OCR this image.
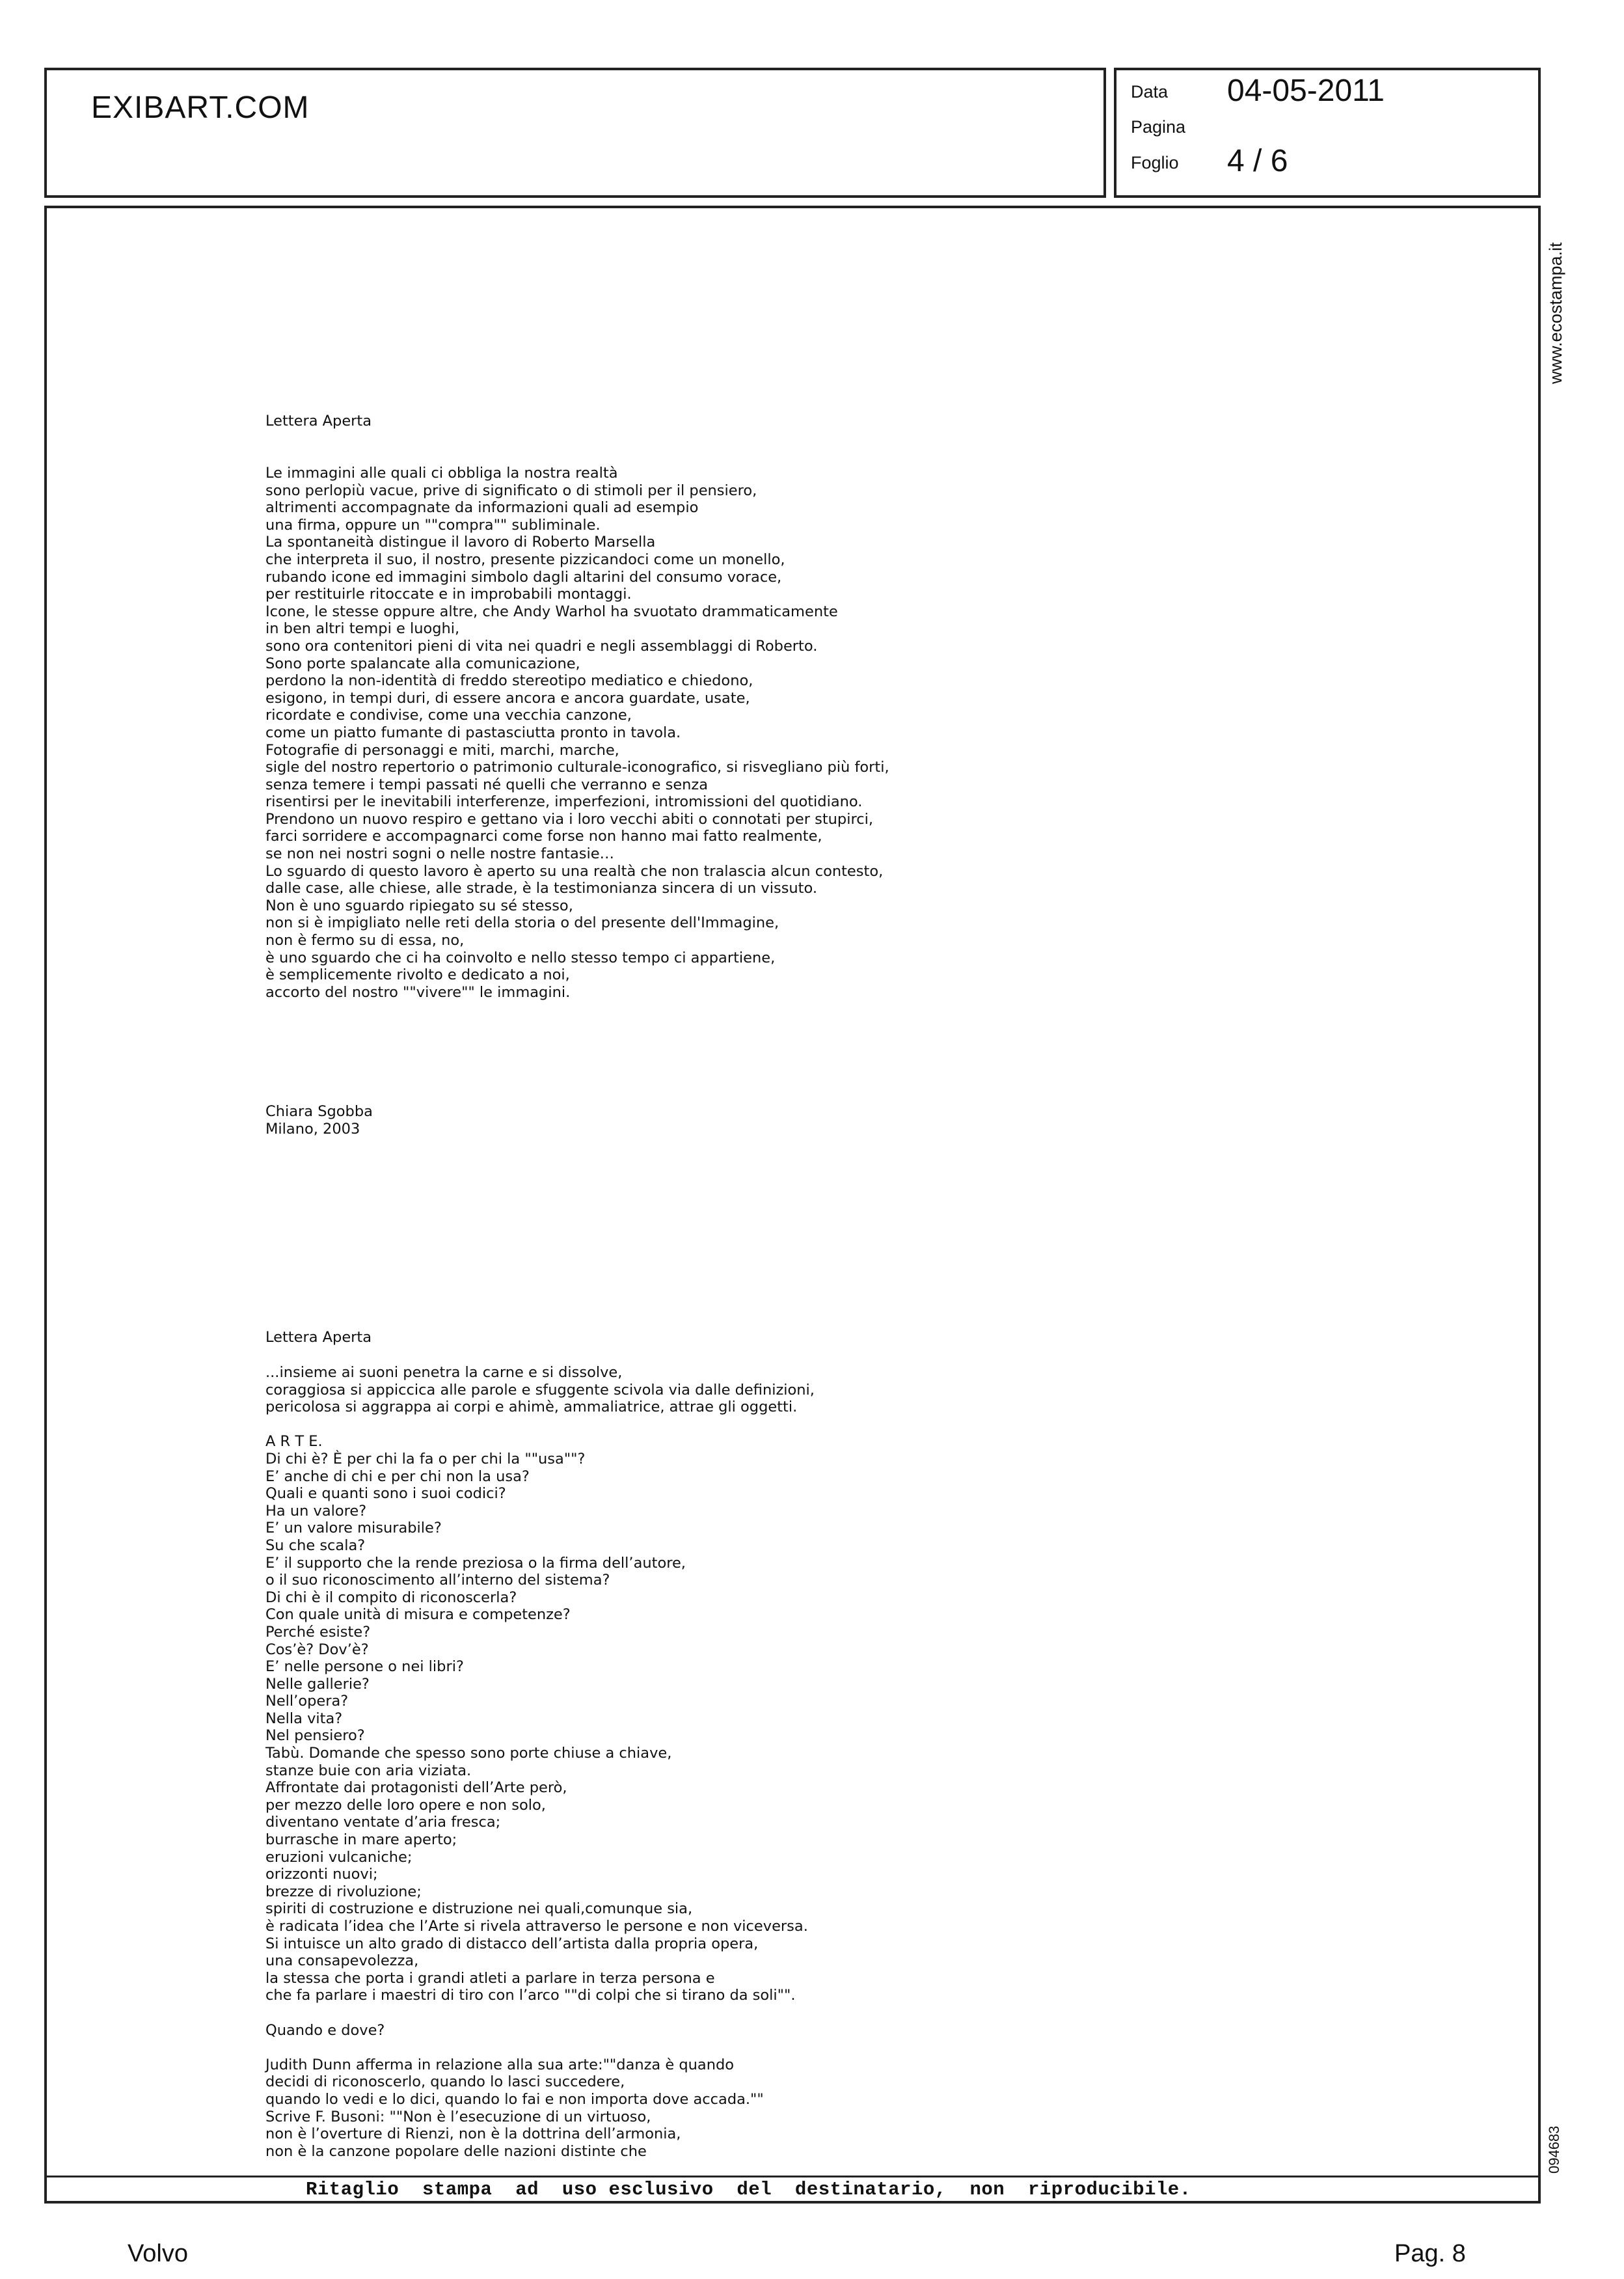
EXIBART.COM	Data 04-05-2011
Pagina
Foglio 4 / 6
www.ecostampa.it
094683
Lettera Aperta
Le immagini alle quali ci obbliga la nostra realtà
sono perlopiù vacue, prive di significato o di stimoli per il pensiero,
altrimenti accompagnate da informazioni quali ad esempio
una firma, oppure un ""compra"" subliminale.
La spontaneità distingue il lavoro di Roberto Marsella
che interpreta il suo, il nostro, presente pizzicandoci come un monello,
rubando icone ed immagini simbolo dagli altarini del consumo vorace,
per restituirle ritoccate e in improbabili montaggi.
Icone, le stesse oppure altre, che Andy Warhol ha svuotato drammaticamente
in ben altri tempi e luoghi,
sono ora contenitori pieni di vita nei quadri e negli assemblaggi di Roberto.
Sono porte spalancate alla comunicazione,
perdono la non-identità di freddo stereotipo mediatico e chiedono,
esigono, in tempi duri, di essere ancora e ancora guardate, usate,
ricordate e condivise, come una vecchia canzone,
come un piatto fumante di pastasciutta pronto in tavola.
Fotografie di personaggi e miti, marchi, marche,
sigle del nostro repertorio o patrimonio culturale-iconografico, si risvegliano più forti,
senza temere i tempi passati né quelli che verranno e senza
risentirsi per le inevitabili interferenze, imperfezioni, intromissioni del quotidiano.
Prendono un nuovo respiro e gettano via i loro vecchi abiti o connotati per stupirci,
farci sorridere e accompagnarci come forse non hanno mai fatto realmente,
se non nei nostri sogni o nelle nostre fantasie…
Lo sguardo di questo lavoro è aperto su una realtà che non tralascia alcun contesto,
dalle case, alle chiese, alle strade, è la testimonianza sincera di un vissuto.
Non è uno sguardo ripiegato su sé stesso,
non si è impigliato nelle reti della storia o del presente dell'Immagine,
non è fermo su di essa, no,
è uno sguardo che ci ha coinvolto e nello stesso tempo ci appartiene,
è semplicemente rivolto e dedicato a noi,
accorto del nostro ""vivere"" le immagini.
Chiara Sgobba
Milano, 2003
Lettera Aperta
...insieme ai suoni penetra la carne e si dissolve,
coraggiosa si appiccica alle parole e sfuggente scivola via dalle definizioni,
pericolosa si aggrappa ai corpi e ahimè, ammaliatrice, attrae gli oggetti.
A R T E.
Di chi è? È per chi la fa o per chi la ""usa""?
E’ anche di chi e per chi non la usa?
Quali e quanti sono i suoi codici?
Ha un valore?
E’ un valore misurabile?
Su che scala?
E’ il supporto che la rende preziosa o la firma dell’autore,
o il suo riconoscimento all’interno del sistema?
Di chi è il compito di riconoscerla?
Con quale unità di misura e competenze?
Perché esiste?
Cos’è? Dov’è?
E’ nelle persone o nei libri?
Nelle gallerie?
Nell’opera?
Nella vita?
Nel pensiero?
Tabù. Domande che spesso sono porte chiuse a chiave,
stanze buie con aria viziata.
Affrontate dai protagonisti dell’Arte però,
per mezzo delle loro opere e non solo,
diventano ventate d’aria fresca;
burrasche in mare aperto;
eruzioni vulcaniche;
orizzonti nuovi;
brezze di rivoluzione;
spiriti di costruzione e distruzione nei quali,comunque sia,
è radicata l’idea che l’Arte si rivela attraverso le persone e non viceversa.
Si intuisce un alto grado di distacco dell’artista dalla propria opera,
una consapevolezza,
la stessa che porta i grandi atleti a parlare in terza persona e
che fa parlare i maestri di tiro con l’arco ""di colpi che si tirano da soli"".
Quando e dove?
Judith Dunn afferma in relazione alla sua arte:""danza è quando
decidi di riconoscerlo, quando lo lasci succedere,
quando lo vedi e lo dici, quando lo fai e non importa dove accada.""
Scrive F. Busoni: ""Non è l’esecuzione di un virtuoso,
non è l’overture di Rienzi, non è la dottrina dell’armonia,
non è la canzone popolare delle nazioni distinte che
Ritaglio  stampa  ad  uso esclusivo  del  destinatario,  non  riproducibile.
Volvo	Pag. 8
